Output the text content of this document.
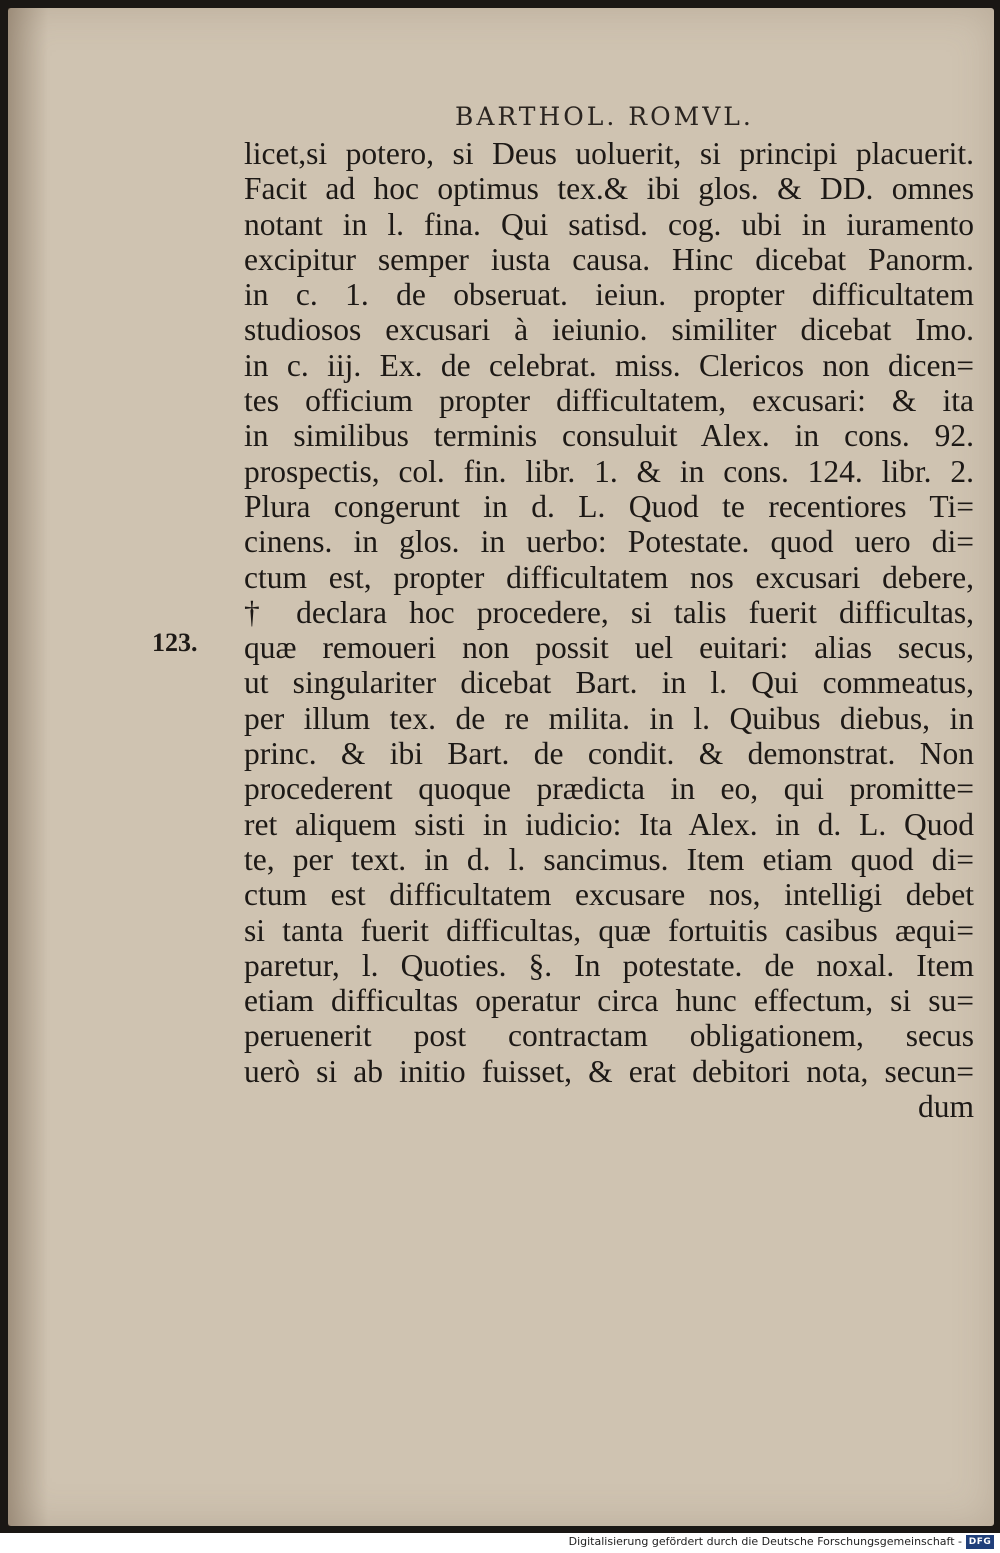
BARTHOL. ROMVL.
123.
licet,si potero, si Deus uoluerit, si principi placuerit.
Facit ad hoc optimus tex.& ibi glos. & DD. omnes
notant in l. fina. Qui satisd. cog. ubi in iuramento
excipitur semper iusta causa. Hinc dicebat Panorm.
in c. 1. de obseruat. ieiun. propter difficultatem
studiosos excusari à ieiunio. similiter dicebat Imo.
in c. iij. Ex. de celebrat. miss. Clericos non dicen=
tes officium propter difficultatem, excusari: & ita
in similibus terminis consuluit Alex. in cons. 92.
prospectis, col. fin. libr. 1. & in cons. 124. libr. 2.
Plura congerunt in d. L. Quod te recentiores Ti=
cinens. in glos. in uerbo: Potestate. quod uero di=
ctum est, propter difficultatem nos excusari debere,
† declara hoc procedere, si talis fuerit difficultas,
quæ remoueri non possit uel euitari: alias secus,
ut singulariter dicebat Bart. in l. Qui commeatus,
per illum tex. de re milita. in l. Quibus diebus, in
princ. & ibi Bart. de condit. & demonstrat. Non
procederent quoque prædicta in eo, qui promitte=
ret aliquem sisti in iudicio: Ita Alex. in d. L. Quod
te, per text. in d. l. sancimus. Item etiam quod di=
ctum est difficultatem excusare nos, intelligi debet
si tanta fuerit difficultas, quæ fortuitis casibus æqui=
paretur, l. Quoties. §. In potestate. de noxal. Item
etiam difficultas operatur circa hunc effectum, si su=
peruenerit post contractam obligationem, secus
uerò si ab initio fuisset, & erat debitori nota, secun=
dum
Digitalisierung gefördert durch die Deutsche Forschungsgemeinschaft - DFG
